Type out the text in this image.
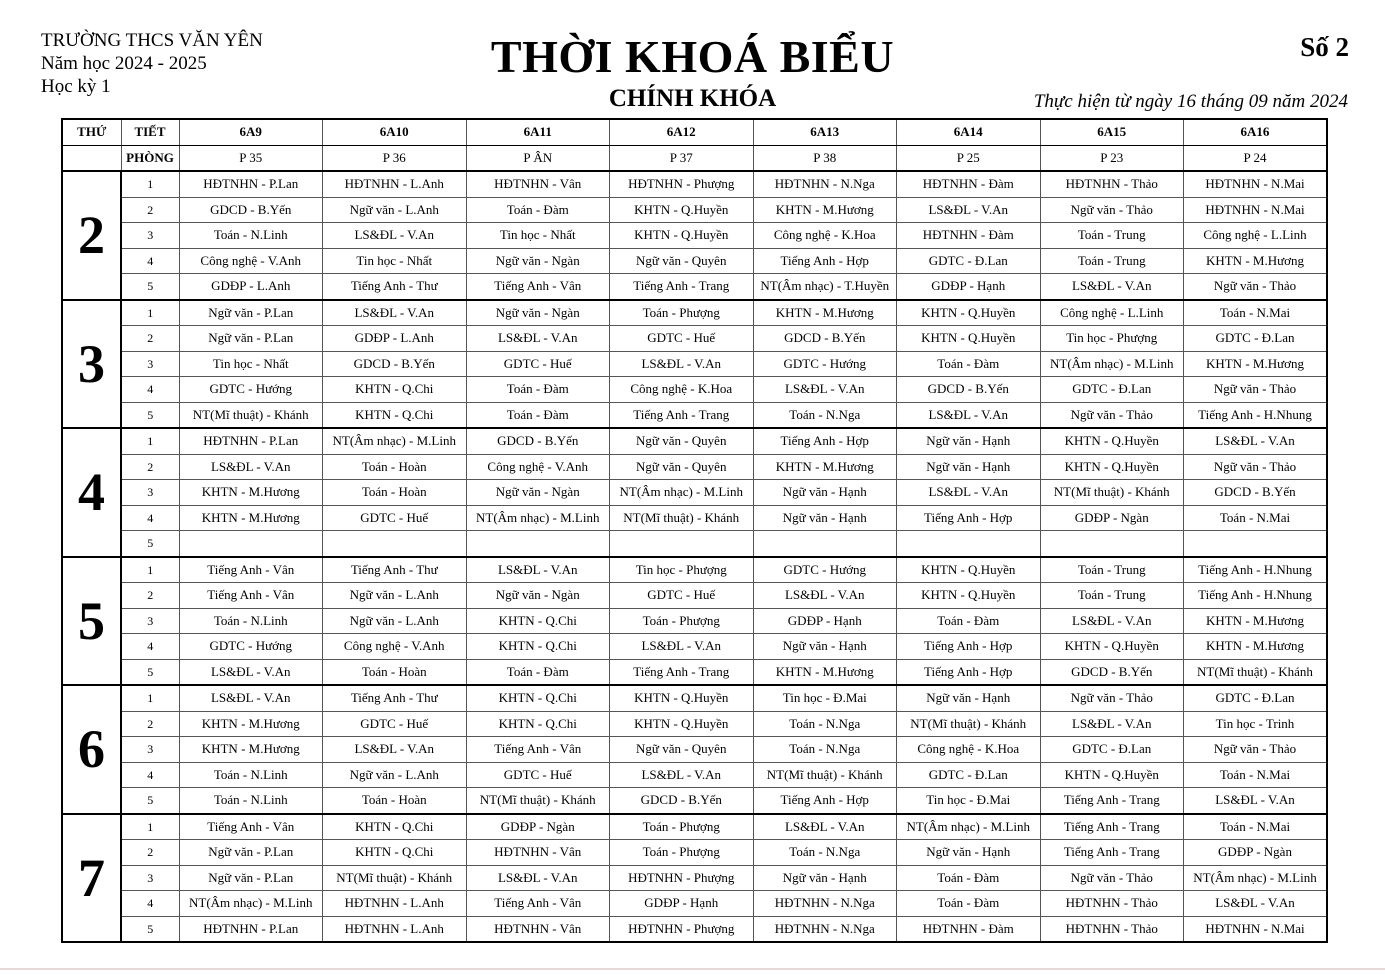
TRƯỜNG THCS VĂN YÊN
Năm học 2024 - 2025
Học kỳ 1
THỜI KHOÁ BIỂU
CHÍNH KHÓA
Số 2
Thực hiện từ ngày 16 tháng 09 năm 2024
THỨ	TIẾT	6A9	6A10	6A11	6A12	6A13	6A14	6A15	6A16
	PHÒNG	P 35	P 36	P ÂN	P 37	P 38	P 25	P 23	P 24
2	1	HĐTNHN - P.Lan	HĐTNHN - L.Anh	HĐTNHN - Vân	HĐTNHN - Phượng	HĐTNHN - N.Nga	HĐTNHN - Đàm	HĐTNHN - Thảo	HĐTNHN - N.Mai
	2	GDCD - B.Yến	Ngữ văn - L.Anh	Toán - Đàm	KHTN - Q.Huyền	KHTN - M.Hương	LS&ĐL - V.An	Ngữ văn - Thảo	HĐTNHN - N.Mai
	3	Toán - N.Linh	LS&ĐL - V.An	Tin học - Nhất	KHTN - Q.Huyền	Công nghệ - K.Hoa	HĐTNHN - Đàm	Toán - Trung	Công nghệ - L.Linh
	4	Công nghệ - V.Anh	Tin học - Nhất	Ngữ văn - Ngàn	Ngữ văn - Quyên	Tiếng Anh - Hợp	GDTC - Đ.Lan	Toán - Trung	KHTN - M.Hương
	5	GDĐP - L.Anh	Tiếng Anh - Thư	Tiếng Anh - Vân	Tiếng Anh - Trang	NT(Âm nhạc) - T.Huyền	GDĐP - Hạnh	LS&ĐL - V.An	Ngữ văn - Thảo
3	1	Ngữ văn - P.Lan	LS&ĐL - V.An	Ngữ văn - Ngàn	Toán - Phượng	KHTN - M.Hương	KHTN - Q.Huyền	Công nghệ - L.Linh	Toán - N.Mai
	2	Ngữ văn - P.Lan	GDĐP - L.Anh	LS&ĐL - V.An	GDTC - Huế	GDCD - B.Yến	KHTN - Q.Huyền	Tin học - Phượng	GDTC - Đ.Lan
	3	Tin học - Nhất	GDCD - B.Yến	GDTC - Huế	LS&ĐL - V.An	GDTC - Hướng	Toán - Đàm	NT(Âm nhạc) - M.Linh	KHTN - M.Hương
	4	GDTC - Hướng	KHTN - Q.Chi	Toán - Đàm	Công nghệ - K.Hoa	LS&ĐL - V.An	GDCD - B.Yến	GDTC - Đ.Lan	Ngữ văn - Thảo
	5	NT(Mĩ thuật) - Khánh	KHTN - Q.Chi	Toán - Đàm	Tiếng Anh - Trang	Toán - N.Nga	LS&ĐL - V.An	Ngữ văn - Thảo	Tiếng Anh - H.Nhung
4	1	HĐTNHN - P.Lan	NT(Âm nhạc) - M.Linh	GDCD - B.Yến	Ngữ văn - Quyên	Tiếng Anh - Hợp	Ngữ văn - Hạnh	KHTN - Q.Huyền	LS&ĐL - V.An
	2	LS&ĐL - V.An	Toán - Hoàn	Công nghệ - V.Anh	Ngữ văn - Quyên	KHTN - M.Hương	Ngữ văn - Hạnh	KHTN - Q.Huyền	Ngữ văn - Thảo
	3	KHTN - M.Hương	Toán - Hoàn	Ngữ văn - Ngàn	NT(Âm nhạc) - M.Linh	Ngữ văn - Hạnh	LS&ĐL - V.An	NT(Mĩ thuật) - Khánh	GDCD - B.Yến
	4	KHTN - M.Hương	GDTC - Huế	NT(Âm nhạc) - M.Linh	NT(Mĩ thuật) - Khánh	Ngữ văn - Hạnh	Tiếng Anh - Hợp	GDĐP - Ngàn	Toán - N.Mai
	5								
5	1	Tiếng Anh - Vân	Tiếng Anh - Thư	LS&ĐL - V.An	Tin học - Phượng	GDTC - Hướng	KHTN - Q.Huyền	Toán - Trung	Tiếng Anh - H.Nhung
	2	Tiếng Anh - Vân	Ngữ văn - L.Anh	Ngữ văn - Ngàn	GDTC - Huế	LS&ĐL - V.An	KHTN - Q.Huyền	Toán - Trung	Tiếng Anh - H.Nhung
	3	Toán - N.Linh	Ngữ văn - L.Anh	KHTN - Q.Chi	Toán - Phượng	GDĐP - Hạnh	Toán - Đàm	LS&ĐL - V.An	KHTN - M.Hương
	4	GDTC - Hướng	Công nghệ - V.Anh	KHTN - Q.Chi	LS&ĐL - V.An	Ngữ văn - Hạnh	Tiếng Anh - Hợp	KHTN - Q.Huyền	KHTN - M.Hương
	5	LS&ĐL - V.An	Toán - Hoàn	Toán - Đàm	Tiếng Anh - Trang	KHTN - M.Hương	Tiếng Anh - Hợp	GDCD - B.Yến	NT(Mĩ thuật) - Khánh
6	1	LS&ĐL - V.An	Tiếng Anh - Thư	KHTN - Q.Chi	KHTN - Q.Huyền	Tin học - Đ.Mai	Ngữ văn - Hạnh	Ngữ văn - Thảo	GDTC - Đ.Lan
	2	KHTN - M.Hương	GDTC - Huế	KHTN - Q.Chi	KHTN - Q.Huyền	Toán - N.Nga	NT(Mĩ thuật) - Khánh	LS&ĐL - V.An	Tin học - Trinh
	3	KHTN - M.Hương	LS&ĐL - V.An	Tiếng Anh - Vân	Ngữ văn - Quyên	Toán - N.Nga	Công nghệ - K.Hoa	GDTC - Đ.Lan	Ngữ văn - Thảo
	4	Toán - N.Linh	Ngữ văn - L.Anh	GDTC - Huế	LS&ĐL - V.An	NT(Mĩ thuật) - Khánh	GDTC - Đ.Lan	KHTN - Q.Huyền	Toán - N.Mai
	5	Toán - N.Linh	Toán - Hoàn	NT(Mĩ thuật) - Khánh	GDCD - B.Yến	Tiếng Anh - Hợp	Tin học - Đ.Mai	Tiếng Anh - Trang	LS&ĐL - V.An
7	1	Tiếng Anh - Vân	KHTN - Q.Chi	GDĐP - Ngàn	Toán - Phượng	LS&ĐL - V.An	NT(Âm nhạc) - M.Linh	Tiếng Anh - Trang	Toán - N.Mai
	2	Ngữ văn - P.Lan	KHTN - Q.Chi	HĐTNHN - Vân	Toán - Phượng	Toán - N.Nga	Ngữ văn - Hạnh	Tiếng Anh - Trang	GDĐP - Ngàn
	3	Ngữ văn - P.Lan	NT(Mĩ thuật) - Khánh	LS&ĐL - V.An	HĐTNHN - Phượng	Ngữ văn - Hạnh	Toán - Đàm	Ngữ văn - Thảo	NT(Âm nhạc) - M.Linh
	4	NT(Âm nhạc) - M.Linh	HĐTNHN - L.Anh	Tiếng Anh - Vân	GDĐP - Hạnh	HĐTNHN - N.Nga	Toán - Đàm	HĐTNHN - Thảo	LS&ĐL - V.An
	5	HĐTNHN - P.Lan	HĐTNHN - L.Anh	HĐTNHN - Vân	HĐTNHN - Phượng	HĐTNHN - N.Nga	HĐTNHN - Đàm	HĐTNHN - Thảo	HĐTNHN - N.Mai
